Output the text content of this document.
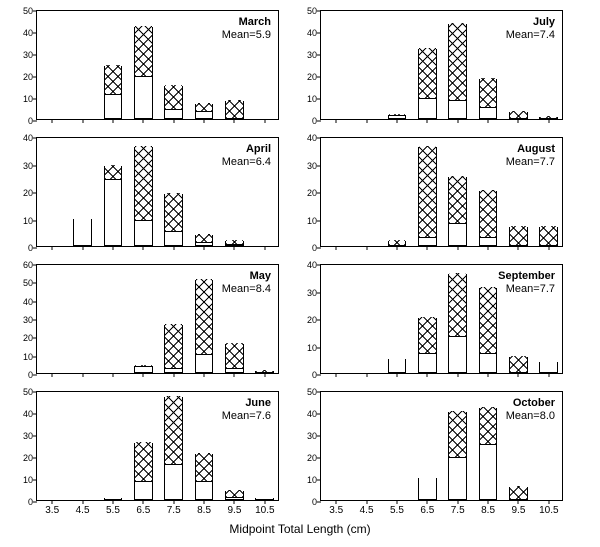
0
10
20
30
40
50
March
Mean=5.9
0
10
20
30
40
50
July
Mean=7.4
0
10
20
30
40
April
Mean=6.4
0
10
20
30
40
August
Mean=7.7
0
10
20
30
40
50
60
May
Mean=8.4
0
10
20
30
40
September
Mean=7.7
0
10
20
30
40
50
3.5 4.5 5.5 6.5 7.5 8.5 9.5 10.5
June
Mean=7.6
0
10
20
30
40
50
3.5 4.5 5.5 6.5 7.5 8.5 9.5 10.5
October
Mean=8.0
Midpoint Total Length (cm)
